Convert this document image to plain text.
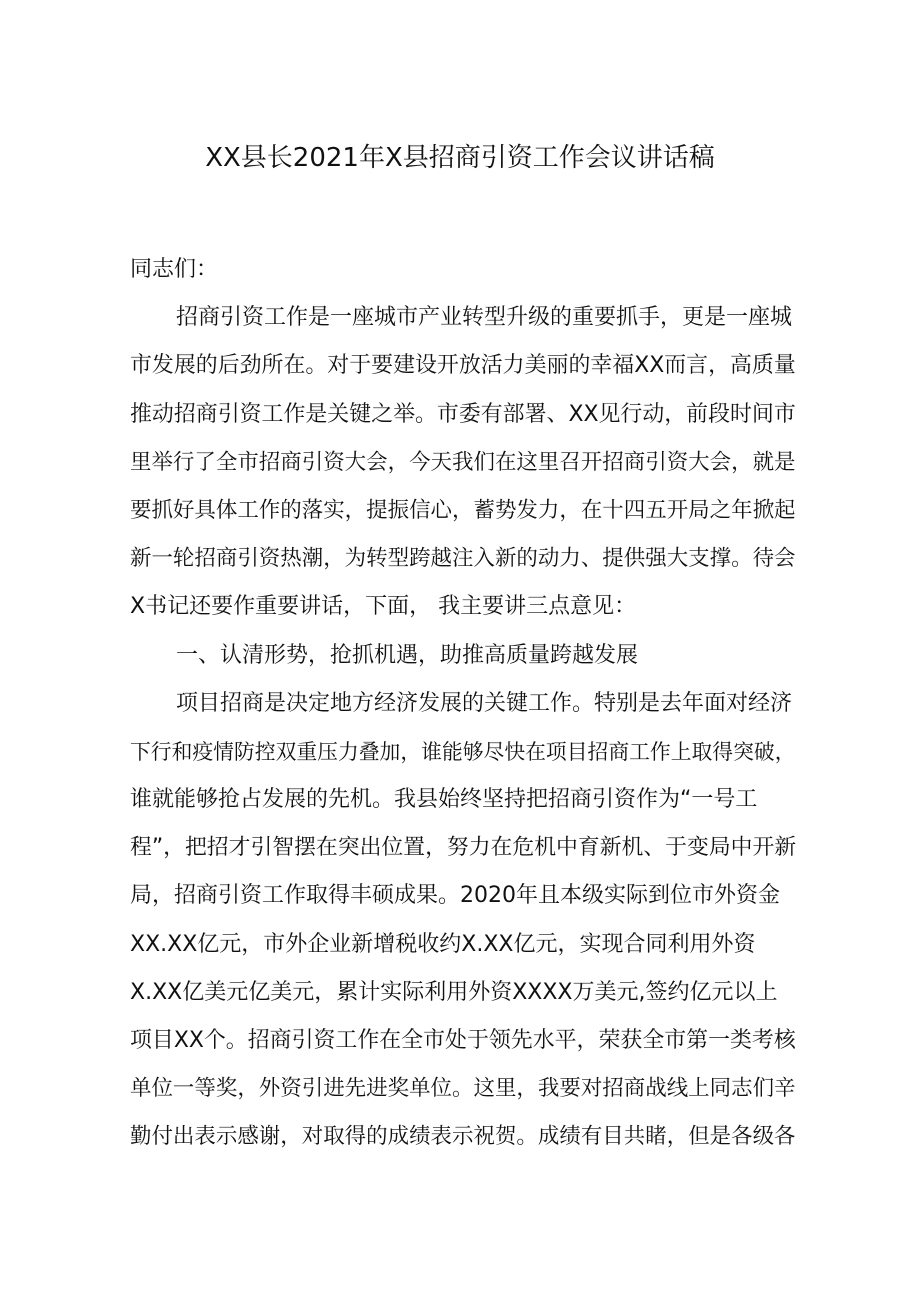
XX县长2021年X县招商引资工作会议讲话稿
同志们：
招商引资工作是一座城市产业转型升级的重要抓手，更是一座城
市发展的后劲所在。对于要建设开放活力美丽的幸福XX而言，高质量
推动招商引资工作是关键之举。市委有部署、XX见行动，前段时间市
里举行了全市招商引资大会，今天我们在这里召开招商引资大会，就是
要抓好具体工作的落实，提振信心，蓄势发力，在十四五开局之年掀起
新一轮招商引资热潮，为转型跨越注入新的动力、提供强大支撑。待会
X书记还要作重要讲话，下面， 我主要讲三点意见：
一、认清形势，抢抓机遇，助推高质量跨越发展
项目招商是决定地方经济发展的关键工作。特别是去年面对经济
下行和疫情防控双重压力叠加，谁能够尽快在项目招商工作上取得突破，
谁就能够抢占发展的先机。我县始终坚持把招商引资作为“一号工
程”，把招才引智摆在突出位置，努力在危机中育新机、于变局中开新
局，招商引资工作取得丰硕成果。2020年且本级实际到位市外资金
XX.XX亿元，市外企业新增税收约X.XX亿元，实现合同利用外资
X.XX亿美元亿美元，累计实际利用外资XXXX万美元,签约亿元以上
项目XX个。招商引资工作在全市处于领先水平，荣获全市第一类考核
单位一等奖，外资引进先进奖单位。这里，我要对招商战线上同志们辛
勤付出表示感谢，对取得的成绩表示祝贺。成绩有目共睹，但是各级各
